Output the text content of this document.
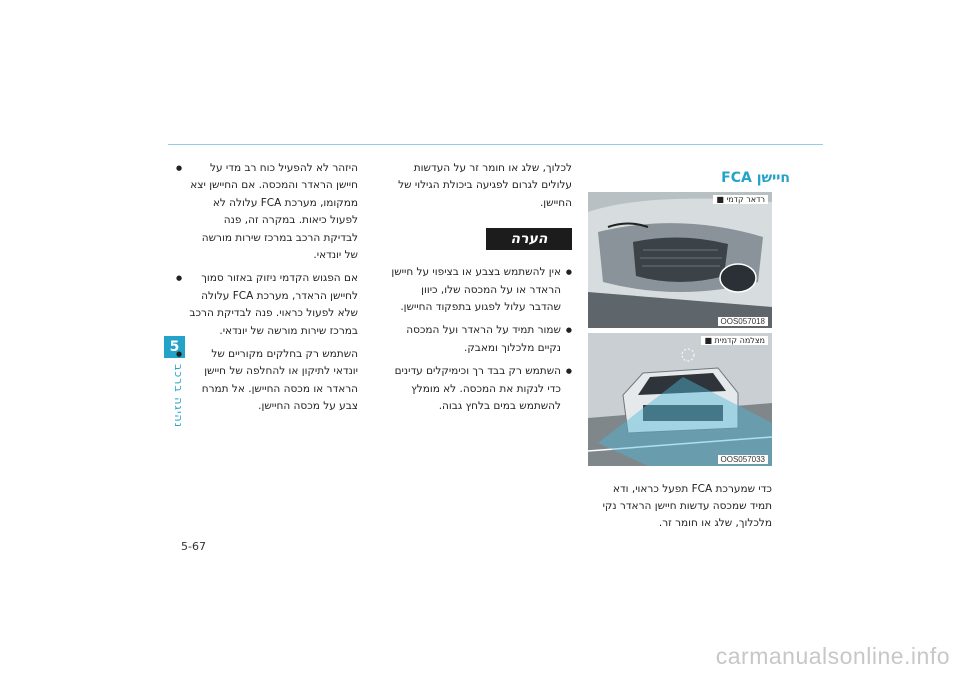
5
נהיגה ברכב

● היזהר לא להפעיל כוח רב מדי על חיישן הראדר והמכסה. אם החיישן יצא ממקומו, מערכת FCA עלולה לא לפעול כיאות. במקרה זה, פנה לבדיקת הרכב במרכז שירות מורשה של יונדאי.

● אם הפגוש הקדמי ניזוק באזור סמוך לחיישן הראדר, מערכת FCA עלולה שלא לפעול כראוי. פנה לבדיקת הרכב במרכז שירות מורשה של יונדאי.

● השתמש רק בחלקים מקוריים של יונדאי לתיקון או להחלפה של חיישן הראדר או מכסה החיישן. אל תמרח צבע על מכסה החיישן.

לכלוך, שלג או חומר זר על העדשות עלולים לגרום לפגיעה ביכולת הגילוי של החיישן.

הערה

● אין להשתמש בצבע או בציפוי על חיישן הראדר או על המכסה שלו, כיוון שהדבר עלול לפגוע בתפקוד החיישן.

● שמור תמיד על הראדר ועל המכסה נקיים מלכלוך ומאבק.

● השתמש רק בבד רך וכימיקלים עדינים כדי לנקות את המכסה. לא מומלץ להשתמש במים בלחץ גבוה.

חיישן FCA
רדאר קדמי ■
OOS057018
מצלמה קדמית ■
OOS057033
כדי שמערכת FCA תפעל כראוי, ודא תמיד שמכסה עדשות חיישן הראדר נקי מלכלוך, שלג או חומר זר.
5-67
carmanualsonline.info
